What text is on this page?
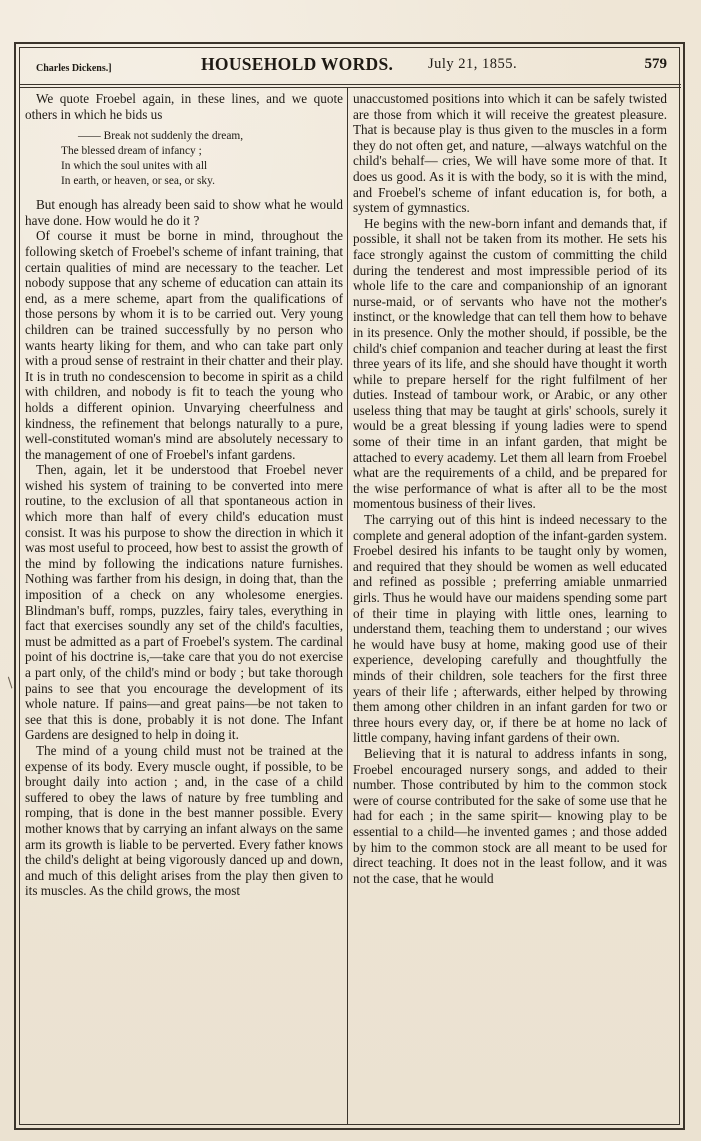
Charles Dickens.]	HOUSEHOLD WORDS. July 21, 1855.	579
/

We quote Froebel again, in these lines, and we quote others in which he bids us

—— Break not suddenly the dream,
The blessed dream of infancy ;
In which the soul unites with all
In earth, or heaven, or sea, or sky.

But enough has already been said to show what he would have done. How would he do it ?

Of course it must be borne in mind, throughout the following sketch of Froebel's scheme of infant training, that certain qualities of mind are necessary to the teacher. Let nobody suppose that any scheme of education can attain its end, as a mere scheme, apart from the qualifications of those persons by whom it is to be carried out. Very young children can be trained successfully by no person who wants hearty liking for them, and who can take part only with a proud sense of restraint in their chatter and their play. It is in truth no condescension to become in spirit as a child with children, and nobody is fit to teach the young who holds a different opinion. Unvarying cheerfulness and kindness, the refinement that belongs naturally to a pure, well-constituted woman's mind are absolutely necessary to the management of one of Froebel's infant gardens.

Then, again, let it be understood that Froebel never wished his system of training to be converted into mere routine, to the exclusion of all that spontaneous action in which more than half of every child's education must consist. It was his purpose to show the direction in which it was most useful to proceed, how best to assist the growth of the mind by following the indications nature furnishes. Nothing was farther from his design, in doing that, than the imposition of a check on any wholesome energies. Blindman's buff, romps, puzzles, fairy tales, everything in fact that exercises soundly any set of the child's faculties, must be admitted as a part of Froebel's system. The cardinal point of his doctrine is,—take care that you do not exercise a part only, of the child's mind or body ; but take thorough pains to see that you encourage the development of its whole nature. If pains—and great pains—be not taken to see that this is done, probably it is not done. The Infant Gardens are designed to help in doing it.

The mind of a young child must not be trained at the expense of its body. Every muscle ought, if possible, to be brought daily into action ; and, in the case of a child suffered to obey the laws of nature by free tumbling and romping, that is done in the best manner possible. Every mother knows that by carrying an infant always on the same arm its growth is liable to be perverted. Every father knows the child's delight at being vigorously danced up and down, and much of this delight arises from the play then given to its muscles. As the child grows, the most

unaccustomed positions into which it can be safely twisted are those from which it will receive the greatest pleasure. That is because play is thus given to the muscles in a form they do not often get, and nature, —always watchful on the child's behalf— cries, We will have some more of that. It does us good. As it is with the body, so it is with the mind, and Froebel's scheme of infant education is, for both, a system of gymnastics.

He begins with the new-born infant and demands that, if possible, it shall not be taken from its mother. He sets his face strongly against the custom of committing the child during the tenderest and most impressible period of its whole life to the care and companionship of an ignorant nurse-maid, or of servants who have not the mother's instinct, or the knowledge that can tell them how to behave in its presence. Only the mother should, if possible, be the child's chief companion and teacher during at least the first three years of its life, and she should have thought it worth while to prepare herself for the right fulfilment of her duties. Instead of tambour work, or Arabic, or any other useless thing that may be taught at girls' schools, surely it would be a great blessing if young ladies were to spend some of their time in an infant garden, that might be attached to every academy. Let them all learn from Froebel what are the requirements of a child, and be prepared for the wise performance of what is after all to be the most momentous business of their lives.

The carrying out of this hint is indeed necessary to the complete and general adoption of the infant-garden system. Froebel desired his infants to be taught only by women, and required that they should be women as well educated and refined as possible ; preferring amiable unmarried girls. Thus he would have our maidens spending some part of their time in playing with little ones, learning to understand them, teaching them to understand ; our wives he would have busy at home, making good use of their experience, developing carefully and thoughtfully the minds of their children, sole teachers for the first three years of their life ; afterwards, either helped by throwing them among other children in an infant garden for two or three hours every day, or, if there be at home no lack of little company, having infant gardens of their own.

Believing that it is natural to address infants in song, Froebel encouraged nursery songs, and added to their number. Those contributed by him to the common stock were of course contributed for the sake of some use that he had for each ; in the same spirit— knowing play to be essential to a child—he invented games ; and those added by him to the common stock are all meant to be used for direct teaching. It does not in the least follow, and it was not the case, that he would
